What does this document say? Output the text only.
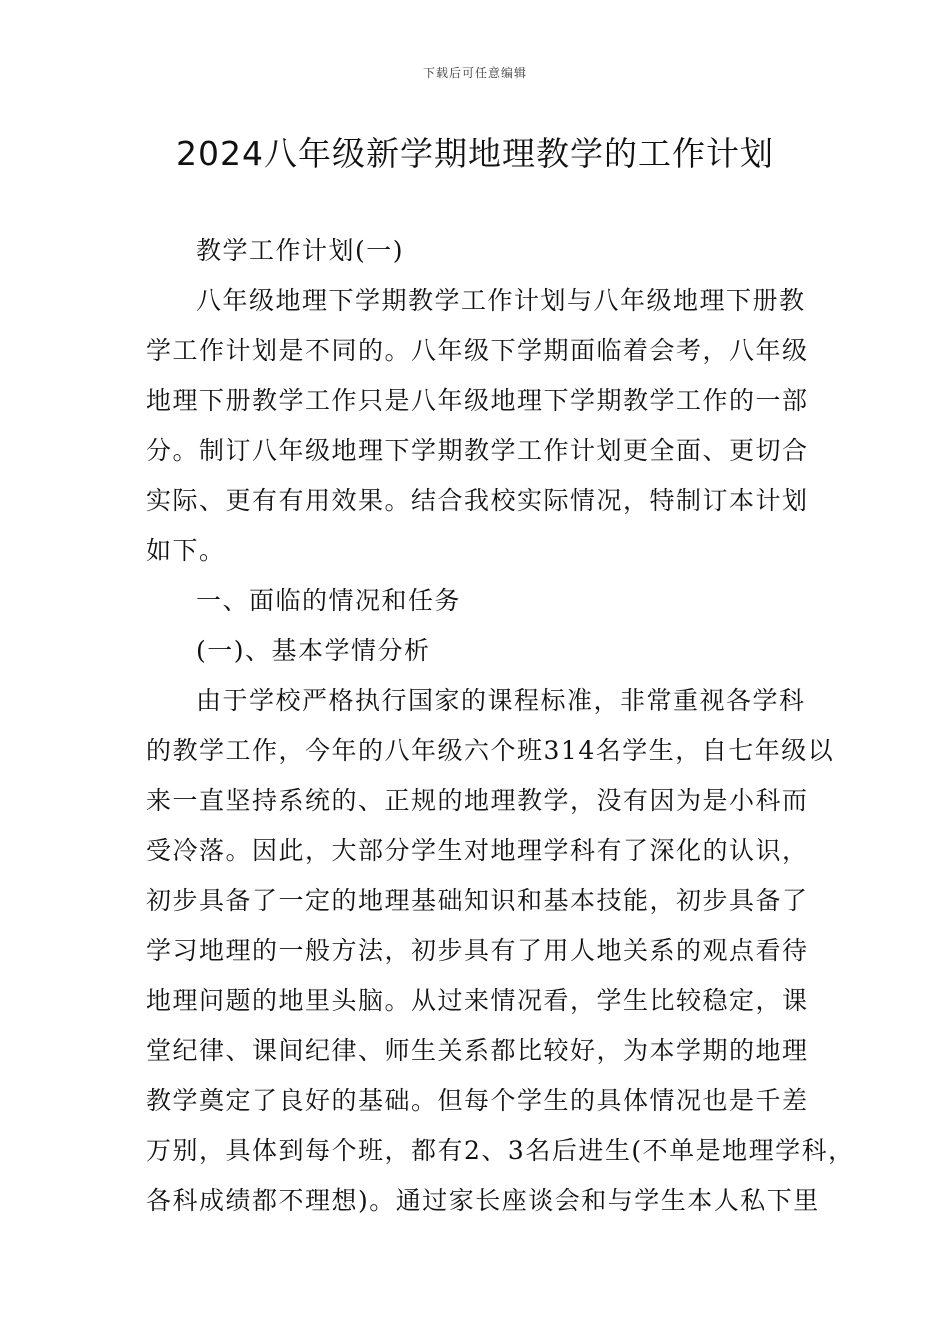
下载后可任意编辑
2024八年级新学期地理教学的工作计划
教学工作计划(一)
八年级地理下学期教学工作计划与八年级地理下册教
学工作计划是不同的。八年级下学期面临着会考，八年级
地理下册教学工作只是八年级地理下学期教学工作的一部
分。制订八年级地理下学期教学工作计划更全面、更切合
实际、更有有用效果。结合我校实际情况，特制订本计划
如下。
一、面临的情况和任务
(一)、基本学情分析
由于学校严格执行国家的课程标准，非常重视各学科
的教学工作，今年的八年级六个班314名学生，自七年级以
来一直坚持系统的、正规的地理教学，没有因为是小科而
受冷落。因此，大部分学生对地理学科有了深化的认识，
初步具备了一定的地理基础知识和基本技能，初步具备了
学习地理的一般方法，初步具有了用人地关系的观点看待
地理问题的地里头脑。从过来情况看，学生比较稳定，课
堂纪律、课间纪律、师生关系都比较好，为本学期的地理
教学奠定了良好的基础。但每个学生的具体情况也是千差
万别，具体到每个班，都有2、3名后进生(不单是地理学科，
各科成绩都不理想)。通过家长座谈会和与学生本人私下里
